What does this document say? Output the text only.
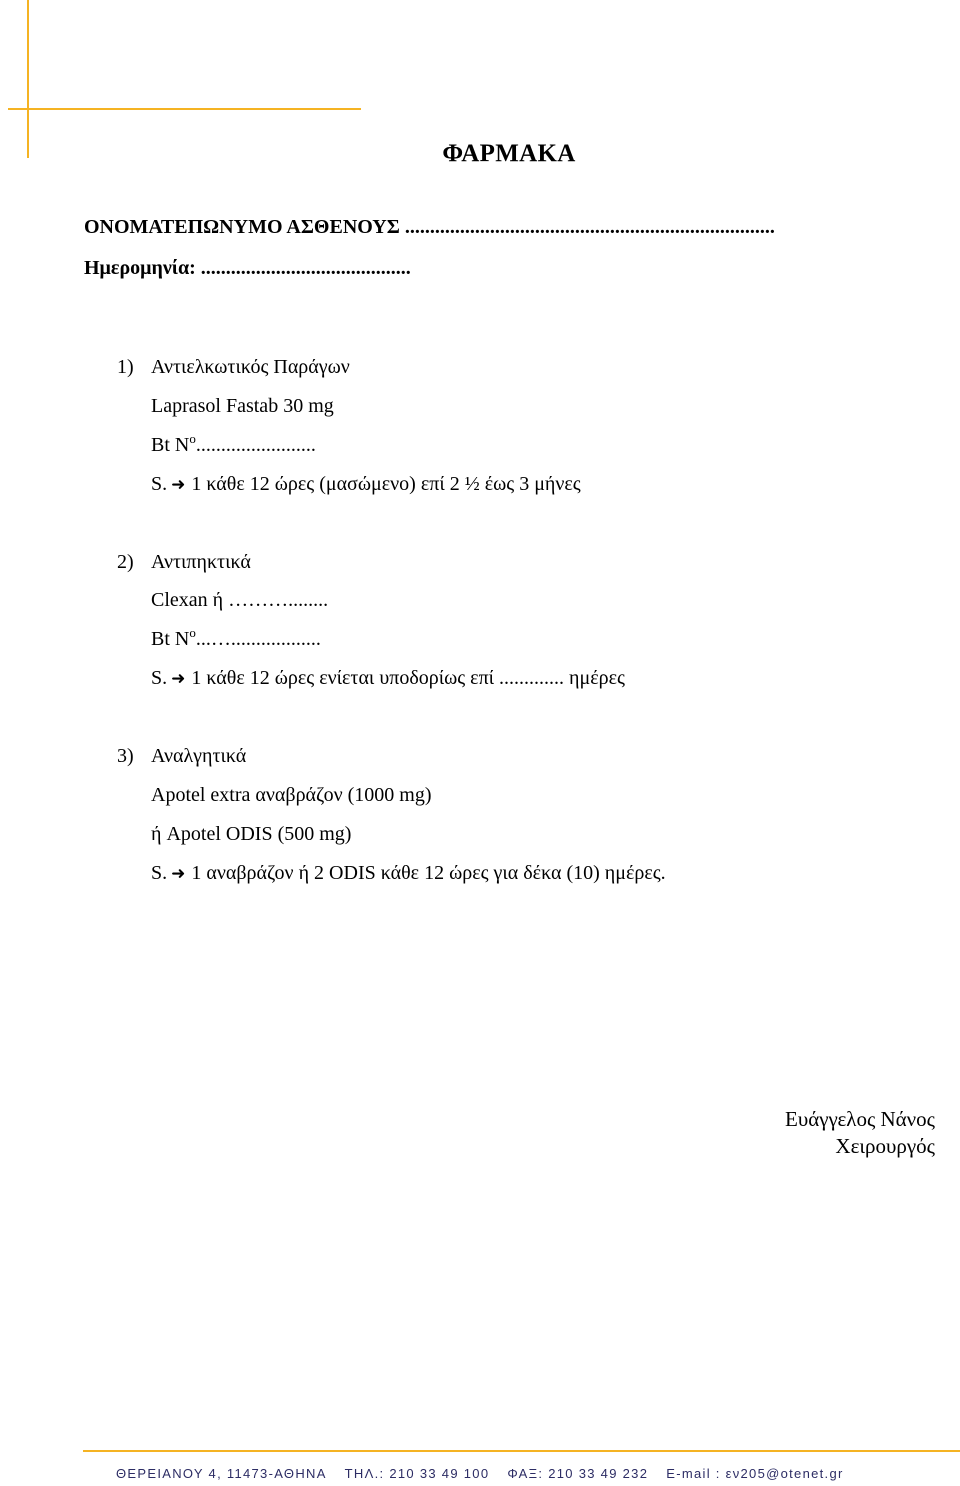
ΦΑΡΜΑΚΑ
ΟΝΟΜΑΤΕΠΩΝΥΜΟ ΑΣΘΕΝΟΥΣ ..........................................................................
Ημερομηνία: ..........................................
1) Αντιελκωτικός Παράγων
Laprasol Fastab 30 mg
Bt $N^o$........................
S. ➜ 1 κάθε 12 ώρες (μασώμενο) επί 2 ½ έως 3 μήνες
2) Αντιπηκτικά
Clexan ή ………........
Bt $N^o...\dots$..................
S. ➜ 1 κάθε 12 ώρες ενίεται υποδορίως επί ............. ημέρες
3) Αναλγητικά
Apotel extra αναβράζον (1000 mg)
ή Apotel ODIS (500 mg)
S. ➜ 1 αναβράζον ή 2 ODIS κάθε 12 ώρες για δέκα (10) ημέρες.
Ευάγγελος Νάνος
Χειρουργός
ΘΕΡΕΙΑΝΟΥ 4, 11473-ΑΘΗΝΑ ΤΗΛ.: 210 33 49 100 ΦΑΞ: 210 33 49 232 E-mail : εν205@otenet.gr
